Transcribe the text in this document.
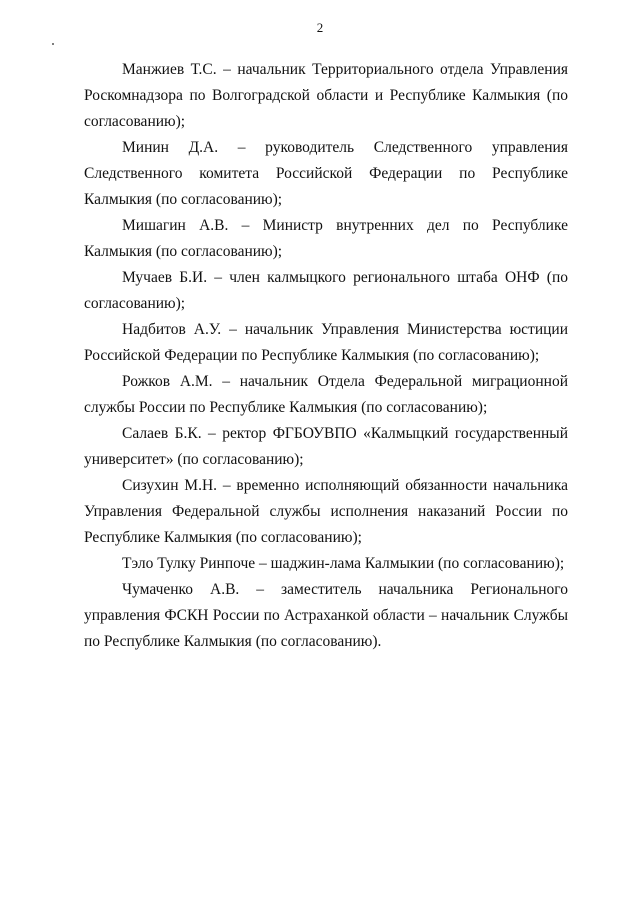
2

Манжиев Т.С. – начальник Территориального отдела Управления Роскомнадзора по Волгоградской области и Республике Калмыкия (по согласованию);

Минин Д.А. – руководитель Следственного управления Следственного комитета Российской Федерации по Республике Калмыкия (по согласованию);

Мишагин А.В. – Министр внутренних дел по Республике Калмыкия (по согласованию);

Мучаев Б.И. – член калмыцкого регионального штаба ОНФ (по согласованию);

Надбитов А.У. – начальник Управления Министерства юстиции Российской Федерации по Республике Калмыкия (по согласованию);

Рожков А.М. – начальник Отдела Федеральной миграционной службы России по Республике Калмыкия (по согласованию);

Салаев Б.К. – ректор ФГБОУВПО «Калмыцкий государственный университет» (по согласованию);

Сизухин М.Н. – временно исполняющий обязанности начальника Управления Федеральной службы исполнения наказаний России по Республике Калмыкия (по согласованию);

Тэло Тулку Ринпоче – шаджин-лама Калмыкии (по согласованию);

Чумаченко А.В. – заместитель начальника Регионального управления ФСКН России по Астраханкой области – начальник Службы по Республике Калмыкия (по согласованию).
